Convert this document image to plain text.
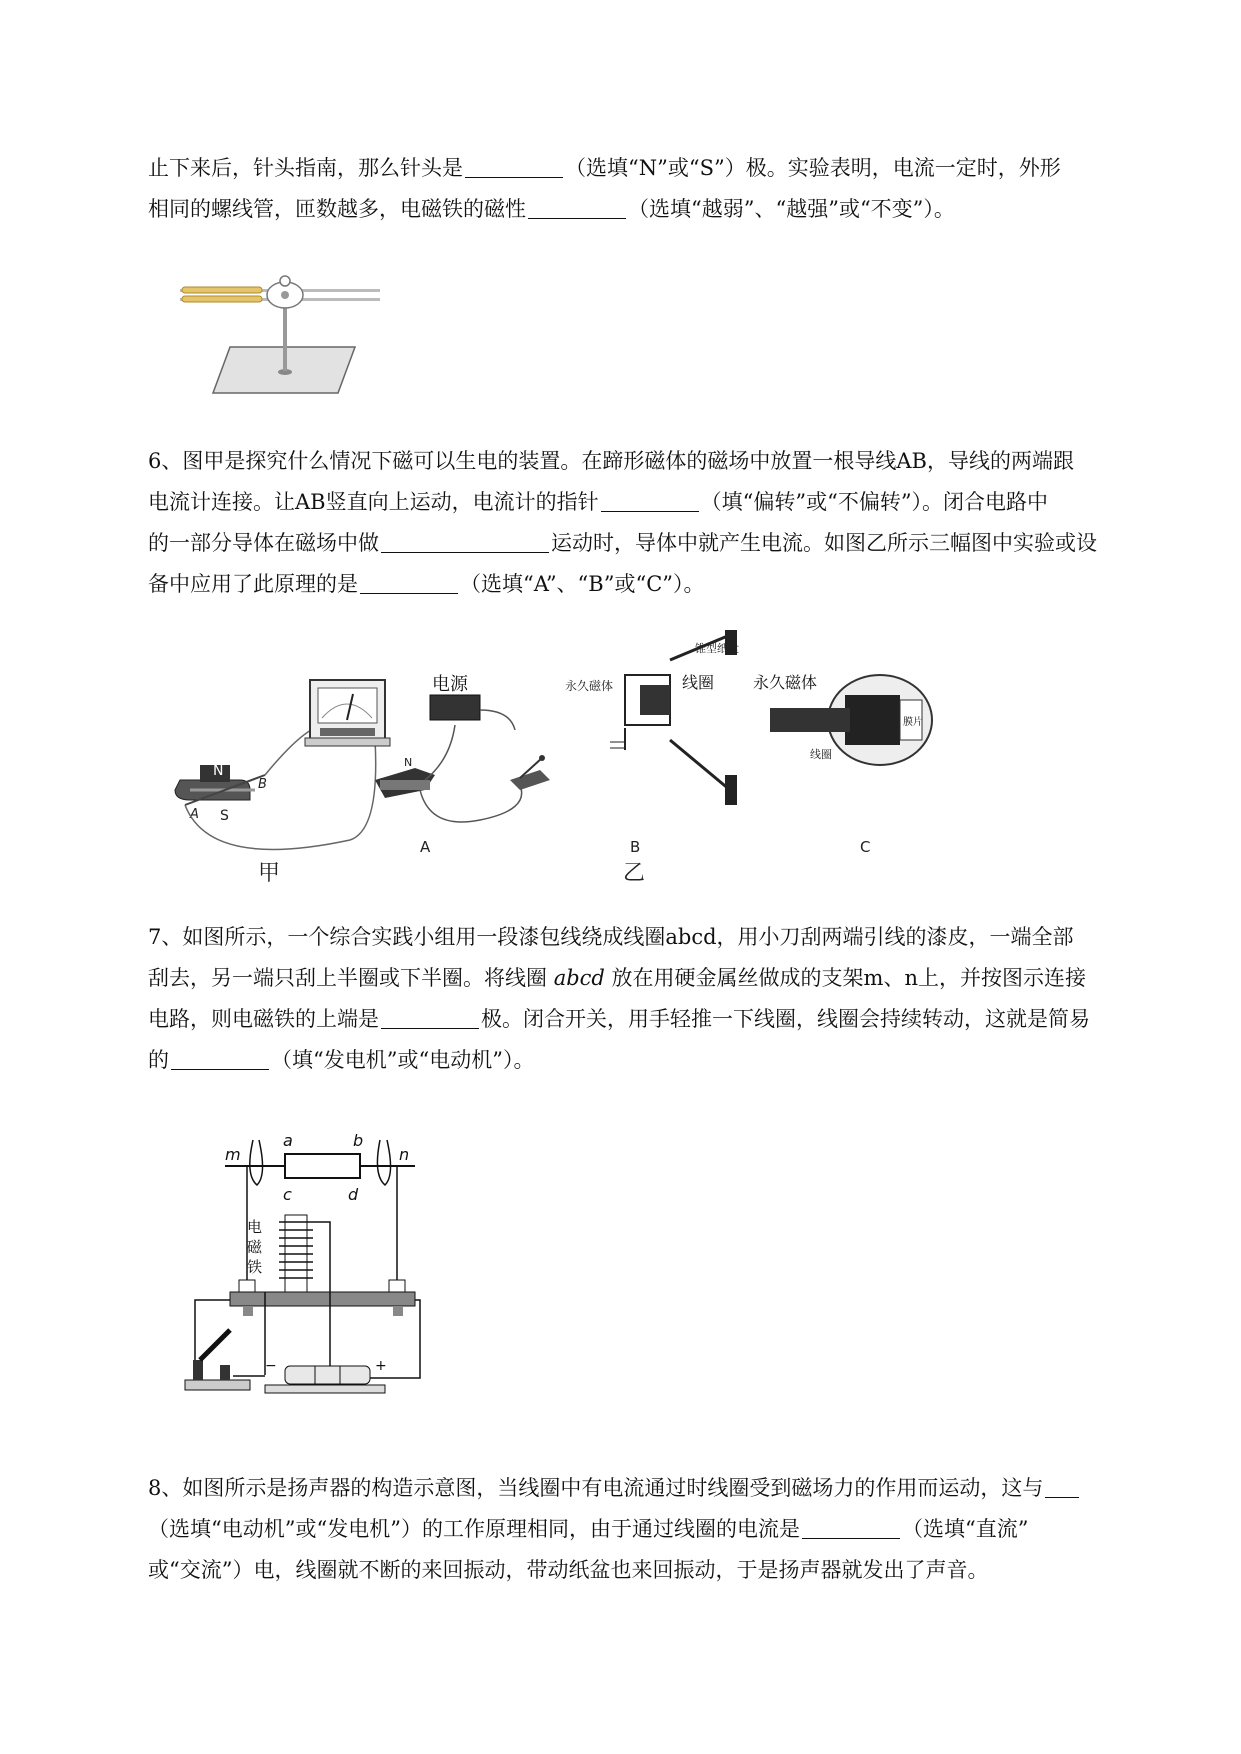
止下来后，针头指南，那么针头是	（选填“N”或“S”）极。实验表明，电流一定时，外形
相同的螺线管，匝数越多，电磁铁的磁性	（选填“越弱”、“越强”或“不变”）。
6、图甲是探究什么情况下磁可以生电的装置。在蹄形磁体的磁场中放置一根导线AB，导线的两端跟
电流计连接。让AB竖直向上运动，电流计的指针	（填“偏转”或“不偏转”）。闭合电路中
的一部分导体在磁场中做	运动时，导体中就产生电流。如图乙所示三幅图中实验或设
备中应用了此原理的是	（选填“A”、“B”或“C”）。
N
S
A
B
甲
电源
N
A
线圈
锥型纸盘
永久磁体
B
乙
膜片
永久磁体
线圈
C
7、如图所示，一个综合实践小组用一段漆包线绕成线圈abcd，用小刀刮两端引线的漆皮，一端全部
刮去，另一端只刮上半圈或下半圈。将线圈 abcd 放在用硬金属丝做成的支架m、n上，并按图示连接
电路，则电磁铁的上端是	极。闭合开关，用手轻推一下线圈，线圈会持续转动，这就是简易
的	（填“发电机”或“电动机”）。
m	n
a	b
c	d
电
磁
铁
−	+
8、如图所示是扬声器的构造示意图，当线圈中有电流通过时线圈受到磁场力的作用而运动，这与
（选填“电动机”或“发电机”）的工作原理相同，由于通过线圈的电流是	（选填“直流”
或“交流”）电，线圈就不断的来回振动，带动纸盆也来回振动，于是扬声器就发出了声音。
